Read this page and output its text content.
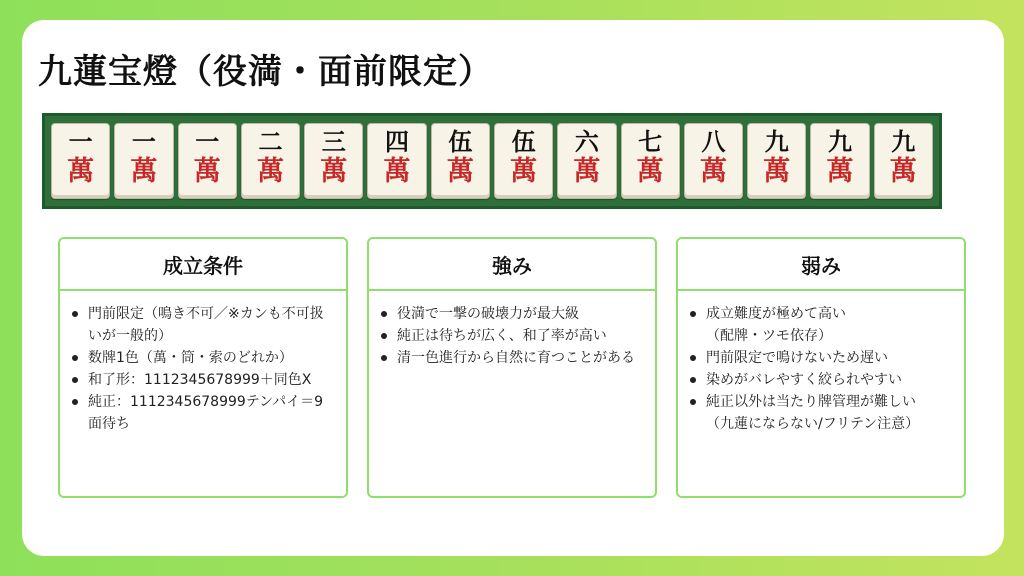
九蓮宝燈（役満・面前限定）
一
萬
一
萬
一
萬
二
萬
三
萬
四
萬
伍
萬
伍
萬
六
萬
七
萬
八
萬
九
萬
九
萬
九
萬
成立条件
門前限定（鳴き不可／※カンも不可扱いが一般的）
数牌1色（萬・筒・索のどれか）
和了形：1112345678999＋同色X
純正：1112345678999テンパイ＝9面待ち
強み
役満で一撃の破壊力が最大級
純正は待ちが広く、和了率が高い
清一色進行から自然に育つことがある
弱み
成立難度が極めて高い
（配牌・ツモ依存）
門前限定で鳴けないため遅い
染めがバレやすく絞られやすい
純正以外は当たり牌管理が難しい
（九蓮にならない/フリテン注意）
